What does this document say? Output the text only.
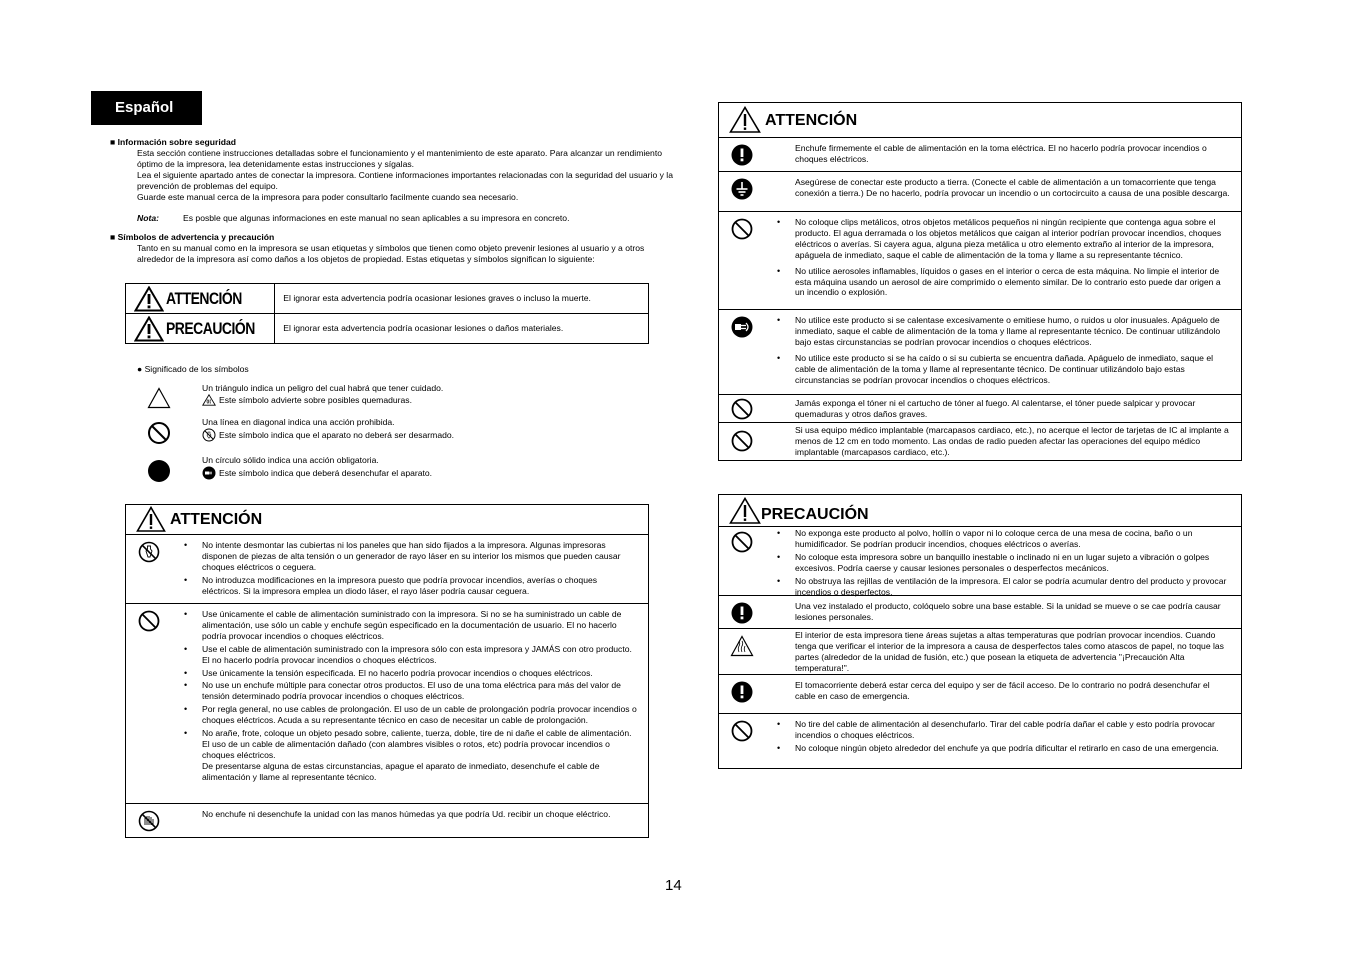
Español
■ Información sobre seguridad
Esta sección contiene instrucciones detalladas sobre el funcionamiento y el mantenimiento de este aparato. Para alcanzar un rendimiento óptimo de la impresora, lea detenidamente estas instrucciones y sígalas.
Lea el siguiente apartado antes de conectar la impresora. Contiene informaciones importantes relacionadas con la seguridad del usuario y la prevención de problemas del equipo.
Guarde este manual cerca de la impresora para poder consultarlo facilmente cuando sea necesario.
Nota:	Es posble que algunas informaciones en este manual no sean aplicables a su impresora en concreto.
■ Símbolos de advertencia y precaución
Tanto en su manual como en la impresora se usan etiquetas y símbolos que tienen como objeto prevenir lesiones al usuario y a otros alrededor de la impresora así como daños a los objetos de propiedad. Estas etiquetas y símbolos significan lo siguiente:
ATTENCIÓN	El ignorar esta advertencia podría ocasionar lesiones graves o incluso la muerte.

PRECAUCIÓN	El ignorar esta advertencia podría ocasionar lesiones o daños materiales.
● Significado de los símbolos
Un triángulo indica un peligro del cual habrá que tener cuidado.
Este símbolo advierte sobre posibles quemaduras.
Una línea en diagonal indica una acción prohibida.
Este símbolo indica que el aparato no deberá ser desarmado.
Un círculo sólido indica una acción obligatoria.
Este símbolo indica que deberá desenchufar el aparato.
ATTENCIÓN
• No intente desmontar las cubiertas ni los paneles que han sido fijados a la impresora. Algunas impresoras disponen de piezas de alta tensión o un generador de rayo láser en su interior los mismos que pueden causar choques eléctricos o ceguera.
• No introduzca modificaciones en la impresora puesto que podría provocar incendios, averías o choques eléctricos. Si la impresora emplea un diodo láser, el rayo láser podría causar ceguera.
• Use únicamente el cable de alimentación suministrado con la impresora. Si no se ha suministrado un cable de alimentación, use sólo un cable y enchufe según especificado en la documentación de usuario. El no hacerlo podría provocar incendios o choques eléctricos.
• Use el cable de alimentación suministrado con la impresora sólo con esta impresora y JAMÁS con otro producto. El no hacerlo podría provocar incendios o choques eléctricos.
• Use únicamente la tensión especificada. El no hacerlo podría provocar incendios o choques eléctricos.
• No use un enchufe múltiple para conectar otros productos. El uso de una toma eléctrica para más del valor de tensión determinado podría provocar incendios o choques eléctricos.
• Por regla general, no use cables de prolongación. El uso de un cable de prolongación podría provocar incendios o choques eléctricos. Acuda a su representante técnico en caso de necesitar un cable de prolongación.
• No arañe, frote, coloque un objeto pesado sobre, caliente, tuerza, doble, tire de ni dañe el cable de alimentación. El uso de un cable de alimentación dañado (con alambres visibles o rotos, etc) podría provocar incendios o choques eléctricos.
De presentarse alguna de estas circunstancias, apague el aparato de inmediato, desenchufe el cable de alimentación y llame al representante técnico.
No enchufe ni desenchufe la unidad con las manos húmedas ya que podría Ud. recibir un choque eléctrico.
ATTENCIÓN
Enchufe firmemente el cable de alimentación en la toma eléctrica. El no hacerlo podría provocar incendios o choques eléctricos.
Asegúrese de conectar este producto a tierra. (Conecte el cable de alimentación a un tomacorriente que tenga conexión a tierra.) De no hacerlo, podría provocar un incendio o un cortocircuito a causa de una posible descarga.
• No coloque clips metálicos, otros objetos metálicos pequeños ni ningún recipiente que contenga agua sobre el producto. El agua derramada o los objetos metálicos que caigan al interior podrían provocar incendios, choques eléctricos o averías. Si cayera agua, alguna pieza metálica u otro elemento extraño al interior de la impresora, apáguela de inmediato, saque el cable de alimentación de la toma y llame a su representante técnico.
• No utilice aerosoles inflamables, líquidos o gases en el interior o cerca de esta máquina. No limpie el interior de esta máquina usando un aerosol de aire comprimido o elemento similar. De lo contrario esto puede dar origen a un incendio o explosión.
• No utilice este producto si se calentase excesivamente o emitiese humo, o ruidos u olor inusuales. Apáguelo de inmediato, saque el cable de alimentación de la toma y llame al representante técnico. De continuar utilizándolo bajo estas circunstancias se podrían provocar incendios o choques eléctricos.
• No utilice este producto si se ha caído o si su cubierta se encuentra dañada. Apáguelo de inmediato, saque el cable de alimentación de la toma y llame al representante técnico. De continuar utilizándolo bajo estas circunstancias se podrían provocar incendios o choques eléctricos.
Jamás exponga el tóner ni el cartucho de tóner al fuego. Al calentarse, el tóner puede salpicar y provocar quemaduras y otros daños graves.
Si usa equipo médico implantable (marcapasos cardiaco, etc.), no acerque el lector de tarjetas de IC al implante a menos de 12 cm en todo momento. Las ondas de radio pueden afectar las operaciones del equipo médico implantable (marcapasos cardiaco, etc.).
PRECAUCIÓN
• No exponga este producto al polvo, hollín o vapor ni lo coloque cerca de una mesa de cocina, baño o un humidificador. Se podrían producir incendios, choques eléctricos o averías.
• No coloque esta impresora sobre un banquillo inestable o inclinado ni en un lugar sujeto a vibración o golpes excesivos. Podría caerse y causar lesiones personales o desperfectos mecánicos.
• No obstruya las rejillas de ventilación de la impresora. El calor se podría acumular dentro del producto y provocar incendios o desperfectos.
Una vez instalado el producto, colóquelo sobre una base estable. Si la unidad se mueve o se cae podría causar lesiones personales.
El interior de esta impresora tiene áreas sujetas a altas temperaturas que podrían provocar incendios. Cuando tenga que verificar el interior de la impresora a causa de desperfectos tales como atascos de papel, no toque las partes (alrededor de la unidad de fusión, etc.) que posean la etiqueta de advertencia "¡Precaución Alta temperatura!".
El tomacorriente deberá estar cerca del equipo y ser de fácil acceso. De lo contrario no podrá desenchufar el cable en caso de emergencia.
• No tire del cable de alimentación al desenchufarlo. Tirar del cable podría dañar el cable y esto podría provocar incendios o choques eléctricos.
• No coloque ningún objeto alrededor del enchufe ya que podría dificultar el retirarlo en caso de una emergencia.
14
